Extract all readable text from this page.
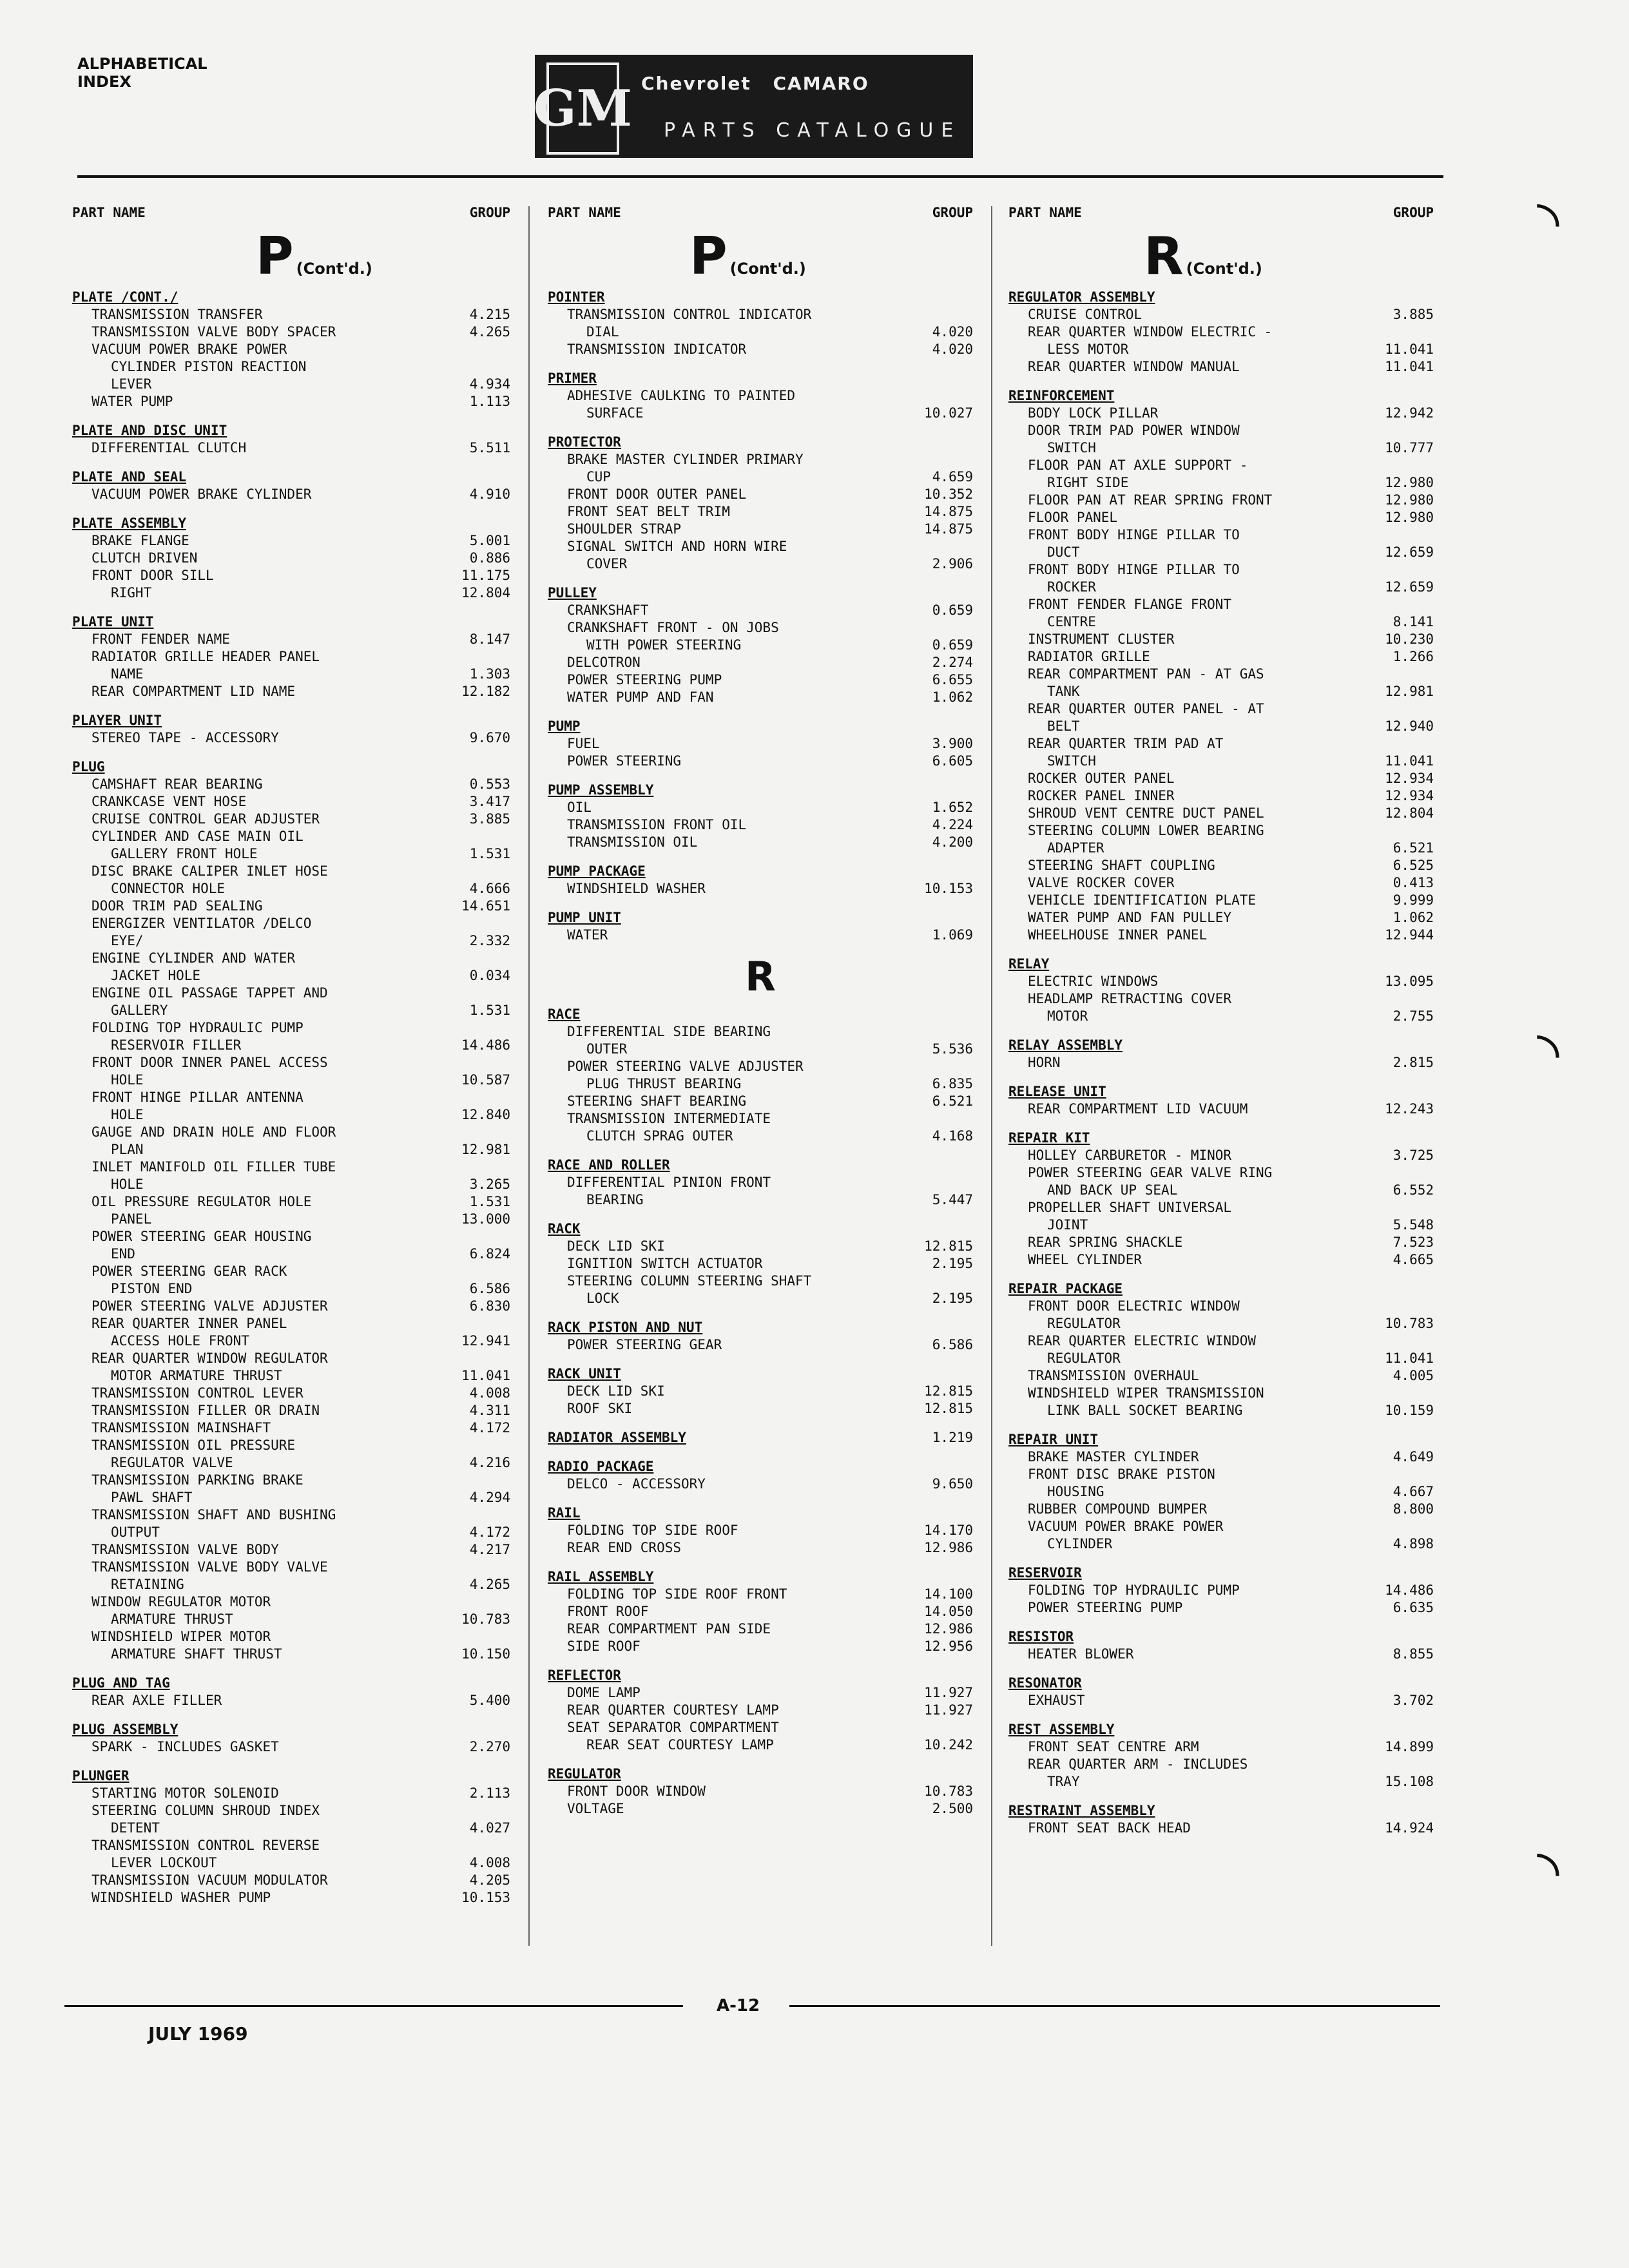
ALPHABETICAL
INDEX	GM Chevrolet CAMARO
PARTS CATALOGUE
PART NAME	GROUP
P (Cont'd.)
PLATE /CONT./
TRANSMISSION TRANSFER	4.215
TRANSMISSION VALVE BODY SPACER	4.265
VACUUM POWER BRAKE POWER
CYLINDER PISTON REACTION
LEVER	4.934
WATER PUMP	1.113
PLATE AND DISC UNIT
DIFFERENTIAL CLUTCH	5.511
PLATE AND SEAL
VACUUM POWER BRAKE CYLINDER	4.910
PLATE ASSEMBLY
BRAKE FLANGE	5.001
CLUTCH DRIVEN	0.886
FRONT DOOR SILL	11.175
RIGHT	12.804
PLATE UNIT
FRONT FENDER NAME	8.147
RADIATOR GRILLE HEADER PANEL
NAME	1.303
REAR COMPARTMENT LID NAME	12.182
PLAYER UNIT
STEREO TAPE - ACCESSORY	9.670
PLUG
CAMSHAFT REAR BEARING	0.553
CRANKCASE VENT HOSE	3.417
CRUISE CONTROL GEAR ADJUSTER	3.885
CYLINDER AND CASE MAIN OIL
GALLERY FRONT HOLE	1.531
DISC BRAKE CALIPER INLET HOSE
CONNECTOR HOLE	4.666
DOOR TRIM PAD SEALING	14.651
ENERGIZER VENTILATOR /DELCO
EYE/	2.332
ENGINE CYLINDER AND WATER
JACKET HOLE	0.034
ENGINE OIL PASSAGE TAPPET AND
GALLERY	1.531
FOLDING TOP HYDRAULIC PUMP
RESERVOIR FILLER	14.486
FRONT DOOR INNER PANEL ACCESS
HOLE	10.587
FRONT HINGE PILLAR ANTENNA
HOLE	12.840
GAUGE AND DRAIN HOLE AND FLOOR
PLAN	12.981
INLET MANIFOLD OIL FILLER TUBE
HOLE	3.265
OIL PRESSURE REGULATOR HOLE	1.531
PANEL	13.000
POWER STEERING GEAR HOUSING
END	6.824
POWER STEERING GEAR RACK
PISTON END	6.586
POWER STEERING VALVE ADJUSTER	6.830
REAR QUARTER INNER PANEL
ACCESS HOLE FRONT	12.941
REAR QUARTER WINDOW REGULATOR
MOTOR ARMATURE THRUST	11.041
TRANSMISSION CONTROL LEVER	4.008
TRANSMISSION FILLER OR DRAIN	4.311
TRANSMISSION MAINSHAFT	4.172
TRANSMISSION OIL PRESSURE
REGULATOR VALVE	4.216
TRANSMISSION PARKING BRAKE
PAWL SHAFT	4.294
TRANSMISSION SHAFT AND BUSHING
OUTPUT	4.172
TRANSMISSION VALVE BODY	4.217
TRANSMISSION VALVE BODY VALVE
RETAINING	4.265
WINDOW REGULATOR MOTOR
ARMATURE THRUST	10.783
WINDSHIELD WIPER MOTOR
ARMATURE SHAFT THRUST	10.150
PLUG AND TAG
REAR AXLE FILLER	5.400
PLUG ASSEMBLY
SPARK - INCLUDES GASKET	2.270
PLUNGER
STARTING MOTOR SOLENOID	2.113
STEERING COLUMN SHROUD INDEX
DETENT	4.027
TRANSMISSION CONTROL REVERSE
LEVER LOCKOUT	4.008
TRANSMISSION VACUUM MODULATOR	4.205
WINDSHIELD WASHER PUMP	10.153
PART NAME	GROUP
P (Cont'd.)
POINTER
TRANSMISSION CONTROL INDICATOR
DIAL	4.020
TRANSMISSION INDICATOR	4.020
PRIMER
ADHESIVE CAULKING TO PAINTED
SURFACE	10.027
PROTECTOR
BRAKE MASTER CYLINDER PRIMARY
CUP	4.659
FRONT DOOR OUTER PANEL	10.352
FRONT SEAT BELT TRIM	14.875
SHOULDER STRAP	14.875
SIGNAL SWITCH AND HORN WIRE
COVER	2.906
PULLEY
CRANKSHAFT	0.659
CRANKSHAFT FRONT - ON JOBS
WITH POWER STEERING	0.659
DELCOTRON	2.274
POWER STEERING PUMP	6.655
WATER PUMP AND FAN	1.062
PUMP
FUEL	3.900
POWER STEERING	6.605
PUMP ASSEMBLY
OIL	1.652
TRANSMISSION FRONT OIL	4.224
TRANSMISSION OIL	4.200
PUMP PACKAGE
WINDSHIELD WASHER	10.153
PUMP UNIT
WATER	1.069
R
RACE
DIFFERENTIAL SIDE BEARING
OUTER	5.536
POWER STEERING VALVE ADJUSTER
PLUG THRUST BEARING	6.835
STEERING SHAFT BEARING	6.521
TRANSMISSION INTERMEDIATE
CLUTCH SPRAG OUTER	4.168
RACE AND ROLLER
DIFFERENTIAL PINION FRONT
BEARING	5.447
RACK
DECK LID SKI	12.815
IGNITION SWITCH ACTUATOR	2.195
STEERING COLUMN STEERING SHAFT
LOCK	2.195
RACK PISTON AND NUT
POWER STEERING GEAR	6.586
RACK UNIT
DECK LID SKI	12.815
ROOF SKI	12.815
RADIATOR ASSEMBLY	1.219
RADIO PACKAGE
DELCO - ACCESSORY	9.650
RAIL
FOLDING TOP SIDE ROOF	14.170
REAR END CROSS	12.986
RAIL ASSEMBLY
FOLDING TOP SIDE ROOF FRONT	14.100
FRONT ROOF	14.050
REAR COMPARTMENT PAN SIDE	12.986
SIDE ROOF	12.956
REFLECTOR
DOME LAMP	11.927
REAR QUARTER COURTESY LAMP	11.927
SEAT SEPARATOR COMPARTMENT
REAR SEAT COURTESY LAMP	10.242
REGULATOR
FRONT DOOR WINDOW	10.783
VOLTAGE	2.500
PART NAME	GROUP
R (Cont'd.)
REGULATOR ASSEMBLY
CRUISE CONTROL	3.885
REAR QUARTER WINDOW ELECTRIC -
LESS MOTOR	11.041
REAR QUARTER WINDOW MANUAL	11.041
REINFORCEMENT
BODY LOCK PILLAR	12.942
DOOR TRIM PAD POWER WINDOW
SWITCH	10.777
FLOOR PAN AT AXLE SUPPORT -
RIGHT SIDE	12.980
FLOOR PAN AT REAR SPRING FRONT	12.980
FLOOR PANEL	12.980
FRONT BODY HINGE PILLAR TO
DUCT	12.659
FRONT BODY HINGE PILLAR TO
ROCKER	12.659
FRONT FENDER FLANGE FRONT
CENTRE	8.141
INSTRUMENT CLUSTER	10.230
RADIATOR GRILLE	1.266
REAR COMPARTMENT PAN - AT GAS
TANK	12.981
REAR QUARTER OUTER PANEL - AT
BELT	12.940
REAR QUARTER TRIM PAD AT
SWITCH	11.041
ROCKER OUTER PANEL	12.934
ROCKER PANEL INNER	12.934
SHROUD VENT CENTRE DUCT PANEL	12.804
STEERING COLUMN LOWER BEARING
ADAPTER	6.521
STEERING SHAFT COUPLING	6.525
VALVE ROCKER COVER	0.413
VEHICLE IDENTIFICATION PLATE	9.999
WATER PUMP AND FAN PULLEY	1.062
WHEELHOUSE INNER PANEL	12.944
RELAY
ELECTRIC WINDOWS	13.095
HEADLAMP RETRACTING COVER
MOTOR	2.755
RELAY ASSEMBLY
HORN	2.815
RELEASE UNIT
REAR COMPARTMENT LID VACUUM	12.243
REPAIR KIT
HOLLEY CARBURETOR - MINOR	3.725
POWER STEERING GEAR VALVE RING
AND BACK UP SEAL	6.552
PROPELLER SHAFT UNIVERSAL
JOINT	5.548
REAR SPRING SHACKLE	7.523
WHEEL CYLINDER	4.665
REPAIR PACKAGE
FRONT DOOR ELECTRIC WINDOW
REGULATOR	10.783
REAR QUARTER ELECTRIC WINDOW
REGULATOR	11.041
TRANSMISSION OVERHAUL	4.005
WINDSHIELD WIPER TRANSMISSION
LINK BALL SOCKET BEARING	10.159
REPAIR UNIT
BRAKE MASTER CYLINDER	4.649
FRONT DISC BRAKE PISTON
HOUSING	4.667
RUBBER COMPOUND BUMPER	8.800
VACUUM POWER BRAKE POWER
CYLINDER	4.898
RESERVOIR
FOLDING TOP HYDRAULIC PUMP	14.486
POWER STEERING PUMP	6.635
RESISTOR
HEATER BLOWER	8.855
RESONATOR
EXHAUST	3.702
REST ASSEMBLY
FRONT SEAT CENTRE ARM	14.899
REAR QUARTER ARM - INCLUDES
TRAY	15.108
RESTRAINT ASSEMBLY
FRONT SEAT BACK HEAD	14.924
◝
◝
◝
A-12
JULY 1969
